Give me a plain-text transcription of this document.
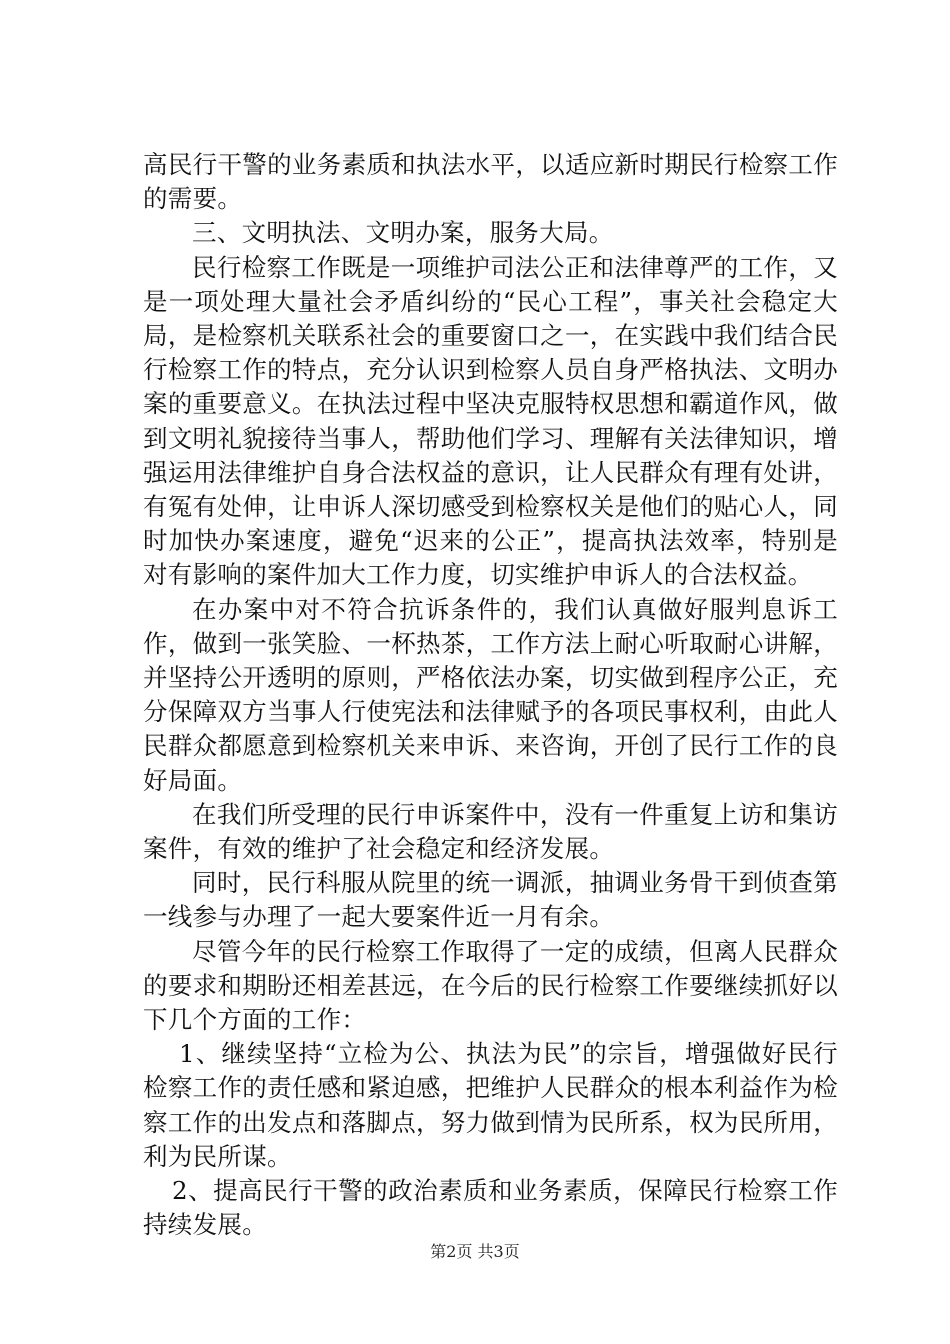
高民行干警的业务素质和执法水平，以适应新时期民行检察工作的需要。

三、文明执法、文明办案，服务大局。

民行检察工作既是一项维护司法公正和法律尊严的工作，又是一项处理大量社会矛盾纠纷的“民心工程”，事关社会稳定大局，是检察机关联系社会的重要窗口之一，在实践中我们结合民行检察工作的特点，充分认识到检察人员自身严格执法、文明办案的重要意义。在执法过程中坚决克服特权思想和霸道作风，做到文明礼貌接待当事人，帮助他们学习、理解有关法律知识，增强运用法律维护自身合法权益的意识，让人民群众有理有处讲，有冤有处伸，让申诉人深切感受到检察权关是他们的贴心人，同时加快办案速度，避免“迟来的公正”，提高执法效率，特别是对有影响的案件加大工作力度，切实维护申诉人的合法权益。

在办案中对不符合抗诉条件的，我们认真做好服判息诉工作，做到一张笑脸、一杯热茶，工作方法上耐心听取耐心讲解，并坚持公开透明的原则，严格依法办案，切实做到程序公正，充分保障双方当事人行使宪法和法律赋予的各项民事权利，由此人民群众都愿意到检察机关来申诉、来咨询，开创了民行工作的良好局面。

在我们所受理的民行申诉案件中，没有一件重复上访和集访案件，有效的维护了社会稳定和经济发展。

同时，民行科服从院里的统一调派，抽调业务骨干到侦查第一线参与办理了一起大要案件近一月有余。

尽管今年的民行检察工作取得了一定的成绩，但离人民群众的要求和期盼还相差甚远，在今后的民行检察工作要继续抓好以下几个方面的工作：

1、继续坚持“立检为公、执法为民”的宗旨，增强做好民行检察工作的责任感和紧迫感，把维护人民群众的根本利益作为检察工作的出发点和落脚点，努力做到情为民所系，权为民所用，利为民所谋。

2、提高民行干警的政治素质和业务素质，保障民行检察工作持续发展。

第2页 共3页
